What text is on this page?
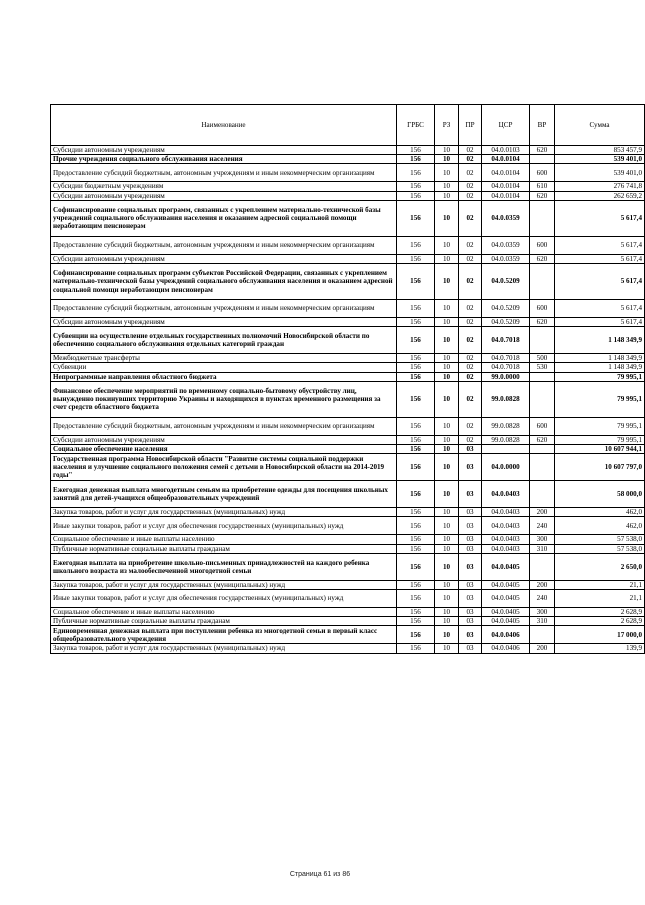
Наименование	ГРБС	РЗ	ПР	ЦСР	ВР	Сумма
Субсидии автономным учреждениям	156	10	02	04.0.0103	620	853 457,9
Прочие учреждения социального обслуживания населения	156	10	02	04.0.0104		539 401,0
Предоставление субсидий бюджетным, автономным учреждениям и иным некоммерческим организациям	156	10	02	04.0.0104	600	539 401,0
Субсидии бюджетным учреждениям	156	10	02	04.0.0104	610	276 741,8
Субсидии автономным учреждениям	156	10	02	04.0.0104	620	262 659,2
Софинансирование социальных программ, связанных с укреплением материально-технической базы учреждений социального обслуживания населения и оказанием адресной социальной помощи неработающим пенсионерам	156	10	02	04.0.0359		5 617,4
Предоставление субсидий бюджетным, автономным учреждениям и иным некоммерческим организациям	156	10	02	04.0.0359	600	5 617,4
Субсидии автономным учреждениям	156	10	02	04.0.0359	620	5 617,4
Софинансирование социальных программ субъектов Российской Федерации, связанных с укреплением материально-технической базы учреждений социального обслуживания населения и оказанием адресной социальной помощи неработающим пенсионерам	156	10	02	04.0.5209		5 617,4
Предоставление субсидий бюджетным, автономным учреждениям и иным некоммерческим организациям	156	10	02	04.0.5209	600	5 617,4
Субсидии автономным учреждениям	156	10	02	04.0.5209	620	5 617,4
Субвенции на осуществление отдельных государственных полномочий Новосибирской области по обеспечению социального обслуживания отдельных категорий граждан	156	10	02	04.0.7018		1 148 349,9
Межбюджетные трансферты	156	10	02	04.0.7018	500	1 148 349,9
Субвенции	156	10	02	04.0.7018	530	1 148 349,9
Непрограммные направления областного бюджета	156	10	02	99.0.0000		79 995,1
Финансовое обеспечение мероприятий по временному социально-бытовому обустройству лиц, вынужденно покинувших территорию Украины и находящихся в пунктах временного размещения за счет средств областного бюджета	156	10	02	99.0.0828		79 995,1
Предоставление субсидий бюджетным, автономным учреждениям и иным некоммерческим организациям	156	10	02	99.0.0828	600	79 995,1
Субсидии автономным учреждениям	156	10	02	99.0.0828	620	79 995,1
Социальное обеспечение населения	156	10	03			10 607 944,1
Государственная программа Новосибирской области "Развитие системы социальной поддержки населения и улучшение социального положения семей с детьми в Новосибирской области на 2014-2019 годы"	156	10	03	04.0.0000		10 607 797,0
Ежегодная денежная выплата многодетным семьям на приобретение одежды для посещения школьных занятий для детей-учащихся общеобразовательных учреждений	156	10	03	04.0.0403		58 000,0
Закупка товаров, работ и услуг для государственных (муниципальных) нужд	156	10	03	04.0.0403	200	462,0
Иные закупки товаров, работ и услуг для обеспечения государственных (муниципальных) нужд	156	10	03	04.0.0403	240	462,0
Социальное обеспечение и иные выплаты населению	156	10	03	04.0.0403	300	57 538,0
Публичные нормативные социальные выплаты гражданам	156	10	03	04.0.0403	310	57 538,0
Ежегодная выплата на приобретение школьно-письменных принадлежностей на каждого ребенка школьного возраста из малообеспеченной многодетной семьи	156	10	03	04.0.0405		2 650,0
Закупка товаров, работ и услуг для государственных (муниципальных) нужд	156	10	03	04.0.0405	200	21,1
Иные закупки товаров, работ и услуг для обеспечения государственных (муниципальных) нужд	156	10	03	04.0.0405	240	21,1
Социальное обеспечение и иные выплаты населению	156	10	03	04.0.0405	300	2 628,9
Публичные нормативные социальные выплаты гражданам	156	10	03	04.0.0405	310	2 628,9
Единовременная денежная выплата при поступлении ребенка из многодетной семьи в первый класс общеобразовательного учреждения	156	10	03	04.0.0406		17 000,0
Закупка товаров, работ и услуг для государственных (муниципальных) нужд	156	10	03	04.0.0406	200	139,9
Страница 61 из 86
